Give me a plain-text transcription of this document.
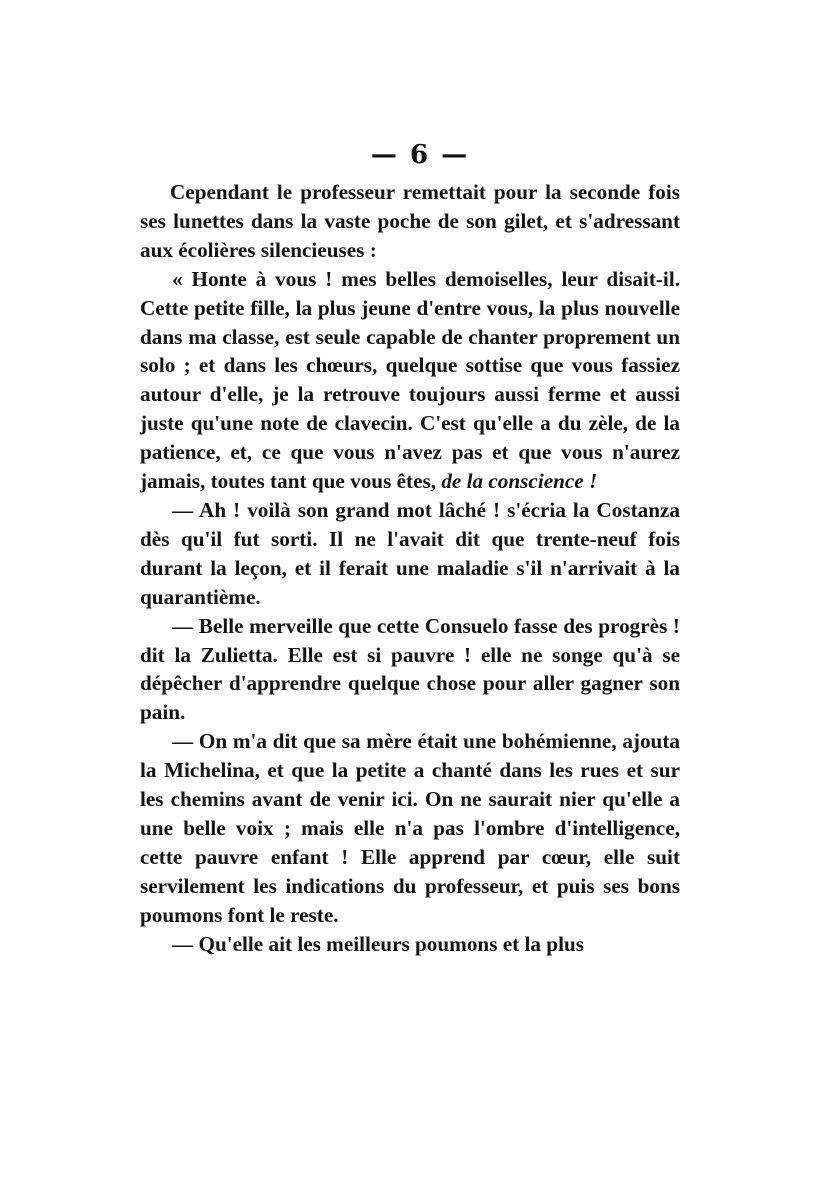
— 6 —

Cependant le professeur remettait pour la seconde fois ses lunettes dans la vaste poche de son gilet, et s'adressant aux écolières silencieuses :

« Honte à vous ! mes belles demoiselles, leur disait-il. Cette petite fille, la plus jeune d'entre vous, la plus nouvelle dans ma classe, est seule capable de chanter proprement un solo ; et dans les chœurs, quelque sottise que vous fassiez autour d'elle, je la retrouve toujours aussi ferme et aussi juste qu'une note de clavecin. C'est qu'elle a du zèle, de la patience, et, ce que vous n'avez pas et que vous n'aurez jamais, toutes tant que vous êtes, de la conscience !

— Ah ! voilà son grand mot lâché ! s'écria la Costanza dès qu'il fut sorti. Il ne l'avait dit que trente-neuf fois durant la leçon, et il ferait une maladie s'il n'arrivait à la quarantième.

— Belle merveille que cette Consuelo fasse des progrès ! dit la Zulietta. Elle est si pauvre ! elle ne songe qu'à se dépêcher d'apprendre quelque chose pour aller gagner son pain.

— On m'a dit que sa mère était une bohémienne, ajouta la Michelina, et que la petite a chanté dans les rues et sur les chemins avant de venir ici. On ne saurait nier qu'elle a une belle voix ; mais elle n'a pas l'ombre d'intelligence, cette pauvre enfant ! Elle apprend par cœur, elle suit servilement les indications du professeur, et puis ses bons poumons font le reste.

— Qu'elle ait les meilleurs poumons et la plus
